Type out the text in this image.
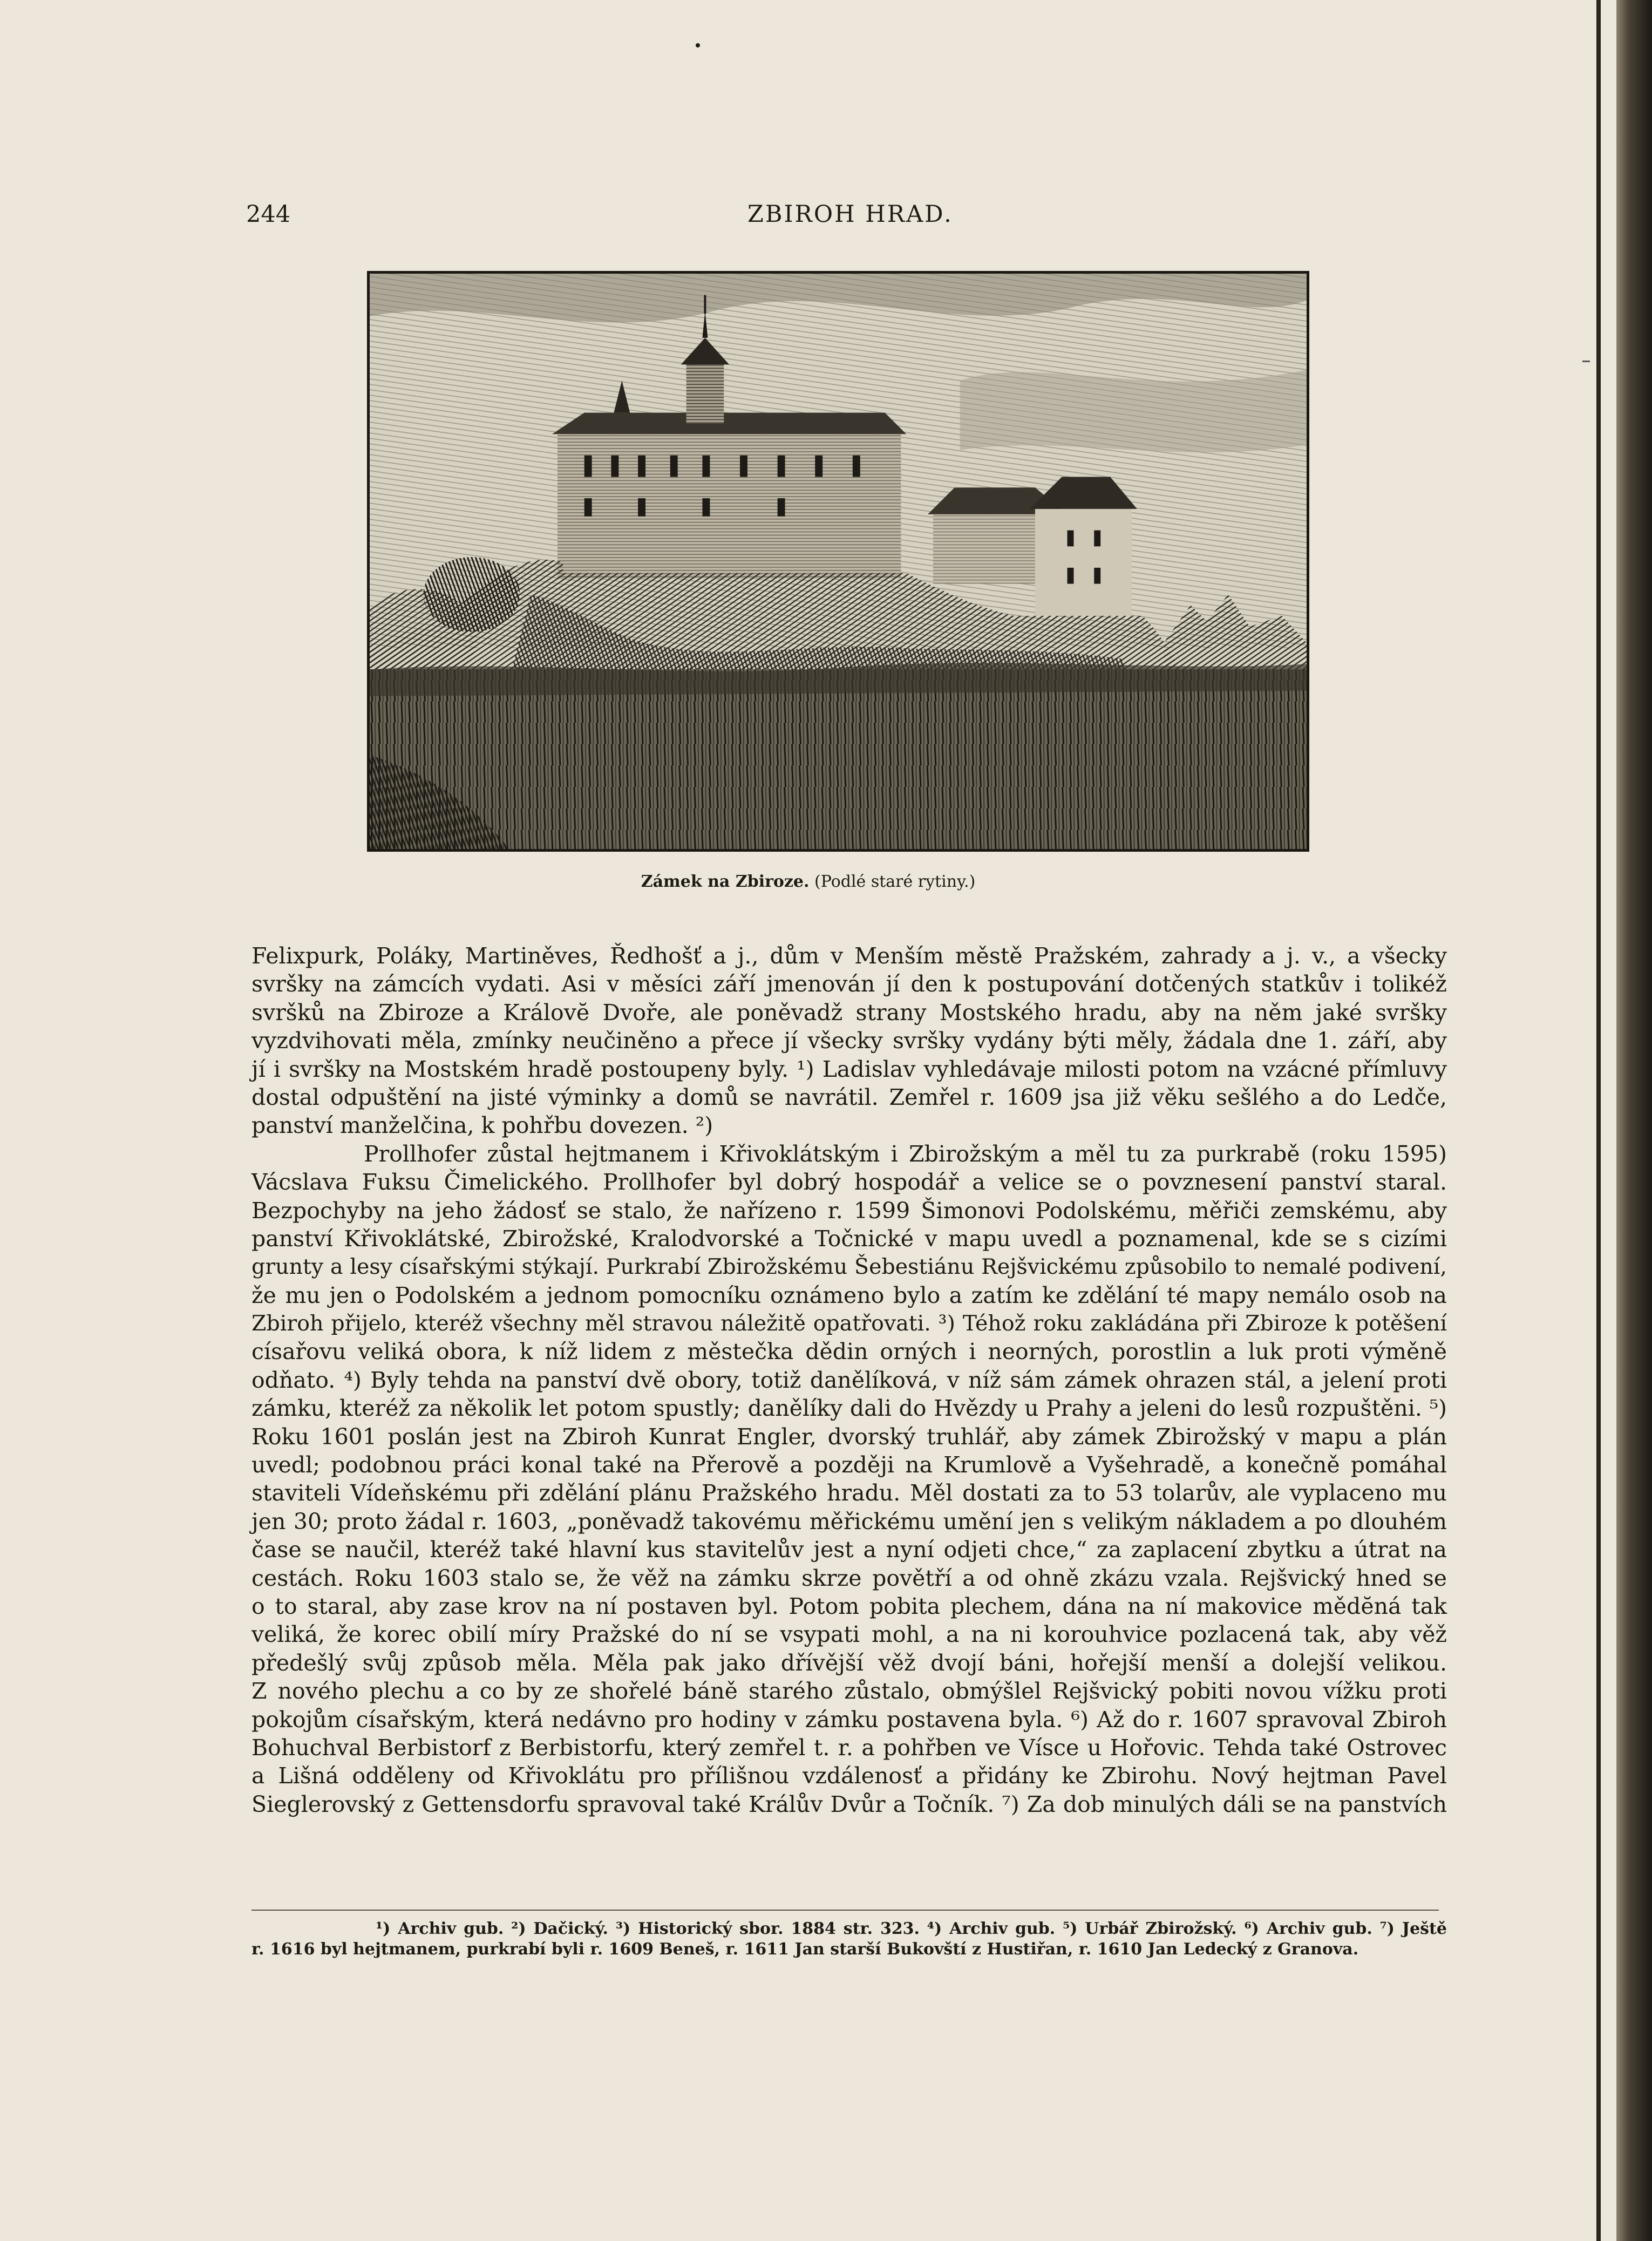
244	ZBIROH HRAD.
Zámek na Zbiroze. (Podlé staré rytiny.)
Felixpurk, Poláky, Martiněves, Ředhošť a j., dům v Menším městě Pražském, zahrady a j. v., a všecky
svršky na zámcích vydati. Asi v měsíci září jmenován jí den k postupování dotčených statkův i tolikéž
svršků na Zbiroze a Královĕ Dvoře, ale poněvadž strany Mostského hradu, aby na něm jaké svršky
vyzdvihovati měla, zmínky neučiněno a přece jí všecky svršky vydány býti měly, žádala dne 1. září, aby
jí i svršky na Mostském hradě postoupeny byly. ¹) Ladislav vyhledávaje milosti potom na vzácné přímluvy
dostal odpuštění na jisté výminky a domů se navrátil. Zemřel r. 1609 jsa již věku sešlého a do Ledče,
panství manželčina, k pohřbu dovezen. ²)
Prollhofer zůstal hejtmanem i Křivoklátským i Zbirožským a měl tu za purkrabě (roku 1595)
Vácslava Fuksu Čimelického. Prollhofer byl dobrý hospodář a velice se o povznesení panství staral.
Bezpochyby na jeho žádosť se stalo, že nařízeno r. 1599 Šimonovi Podolskému, měřiči zemskému, aby
panství Křivoklátské, Zbirožské, Kralodvorské a Točnické v mapu uvedl a poznamenal, kde se s cizími
grunty a lesy císařskými stýkají. Purkrabí Zbirožskému Šebestiánu Rejšvickému způsobilo to nemalé podivení,
že mu jen o Podolském a jednom pomocníku oznámeno bylo a zatím ke zdělání té mapy nemálo osob na
Zbiroh přijelo, kteréž všechny měl stravou náležitě opatřovati. ³) Téhož roku zakládána při Zbiroze k potěšení
císařovu veliká obora, k níž lidem z městečka dědin orných i neorných, porostlin a luk proti výměně
odňato. ⁴) Byly tehda na panství dvě obory, totiž danělíková, v níž sám zámek ohrazen stál, a jelení proti
zámku, kteréž za několik let potom spustly; danělíky dali do Hvězdy u Prahy a jeleni do lesů rozpuštěni. ⁵)
Roku 1601 poslán jest na Zbiroh Kunrat Engler, dvorský truhlář, aby zámek Zbirožský v mapu a plán
uvedl; podobnou práci konal také na Přerově a později na Krumlově a Vyšehradě, a konečně pomáhal
staviteli Vídeňskému při zdělání plánu Pražského hradu. Měl dostati za to 53 tolarův, ale vyplaceno mu
jen 30; proto žádal r. 1603, „poněvadž takovému měřickému umění jen s velikým nákladem a po dlouhém
čase se naučil, kteréž také hlavní kus stavitelův jest a nyní odjeti chce,“ za zaplacení zbytku a útrat na
cestách. Roku 1603 stalo se, že věž na zámku skrze povětří a od ohně zkázu vzala. Rejšvický hned se
o to staral, aby zase krov na ní postaven byl. Potom pobita plechem, dána na ní makovice mědĕná tak
veliká, že korec obilí míry Pražské do ní se vsypati mohl, a na ni korouhvice pozlacená tak, aby věž
předešlý svůj způsob měla. Měla pak jako dřívější věž dvojí báni, hořejší menší a dolejší velikou.
Z nového plechu a co by ze shořelé báně starého zůstalo, obmýšlel Rejšvický pobiti novou vížku proti
pokojům císařským, která nedávno pro hodiny v zámku postavena byla. ⁶) Až do r. 1607 spravoval Zbiroh
Bohuchval Berbistorf z Berbistorfu, který zemřel t. r. a pohřben ve Vísce u Hořovic. Tehda také Ostrovec
a Lišná odděleny od Křivoklátu pro přílišnou vzdálenosť a přidány ke Zbirohu. Nový hejtman Pavel
Sieglerovský z Gettensdorfu spravoval také Králův Dvůr a Točník. ⁷) Za dob minulých dáli se na panstvích
¹) Archiv gub. ²) Dačický. ³) Historický sbor. 1884 str. 323. ⁴) Archiv gub. ⁵) Urbář Zbirožský. ⁶) Archiv gub. ⁷) Ještě
r. 1616 byl hejtmanem, purkrabí byli r. 1609 Beneš, r. 1611 Jan starší Bukovští z Hustiřan, r. 1610 Jan Ledecký z Granova.
